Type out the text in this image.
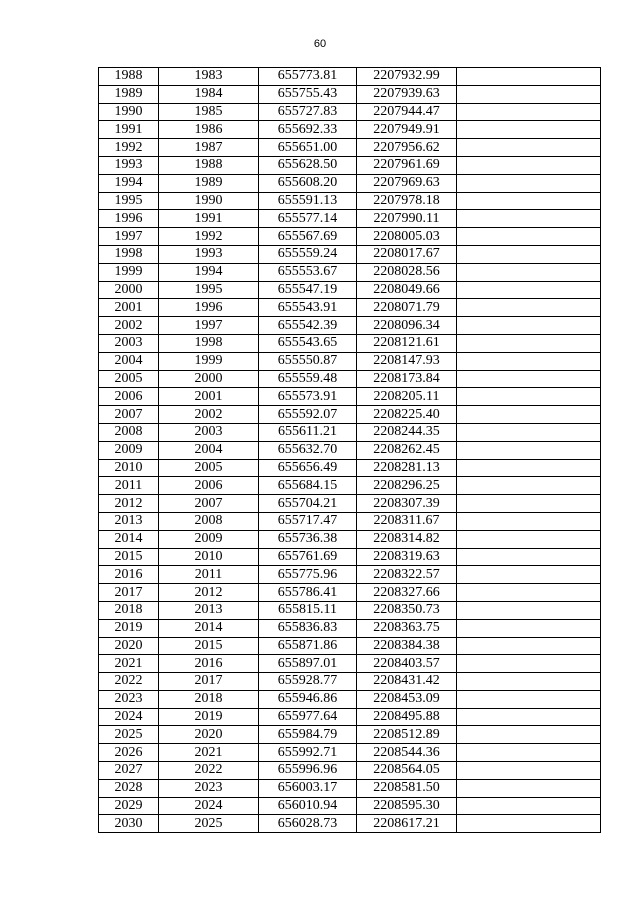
60
1988	1983	655773.81	2207932.99	
1989	1984	655755.43	2207939.63	
1990	1985	655727.83	2207944.47	
1991	1986	655692.33	2207949.91	
1992	1987	655651.00	2207956.62	
1993	1988	655628.50	2207961.69	
1994	1989	655608.20	2207969.63	
1995	1990	655591.13	2207978.18	
1996	1991	655577.14	2207990.11	
1997	1992	655567.69	2208005.03	
1998	1993	655559.24	2208017.67	
1999	1994	655553.67	2208028.56	
2000	1995	655547.19	2208049.66	
2001	1996	655543.91	2208071.79	
2002	1997	655542.39	2208096.34	
2003	1998	655543.65	2208121.61	
2004	1999	655550.87	2208147.93	
2005	2000	655559.48	2208173.84	
2006	2001	655573.91	2208205.11	
2007	2002	655592.07	2208225.40	
2008	2003	655611.21	2208244.35	
2009	2004	655632.70	2208262.45	
2010	2005	655656.49	2208281.13	
2011	2006	655684.15	2208296.25	
2012	2007	655704.21	2208307.39	
2013	2008	655717.47	2208311.67	
2014	2009	655736.38	2208314.82	
2015	2010	655761.69	2208319.63	
2016	2011	655775.96	2208322.57	
2017	2012	655786.41	2208327.66	
2018	2013	655815.11	2208350.73	
2019	2014	655836.83	2208363.75	
2020	2015	655871.86	2208384.38	
2021	2016	655897.01	2208403.57	
2022	2017	655928.77	2208431.42	
2023	2018	655946.86	2208453.09	
2024	2019	655977.64	2208495.88	
2025	2020	655984.79	2208512.89	
2026	2021	655992.71	2208544.36	
2027	2022	655996.96	2208564.05	
2028	2023	656003.17	2208581.50	
2029	2024	656010.94	2208595.30	
2030	2025	656028.73	2208617.21	
